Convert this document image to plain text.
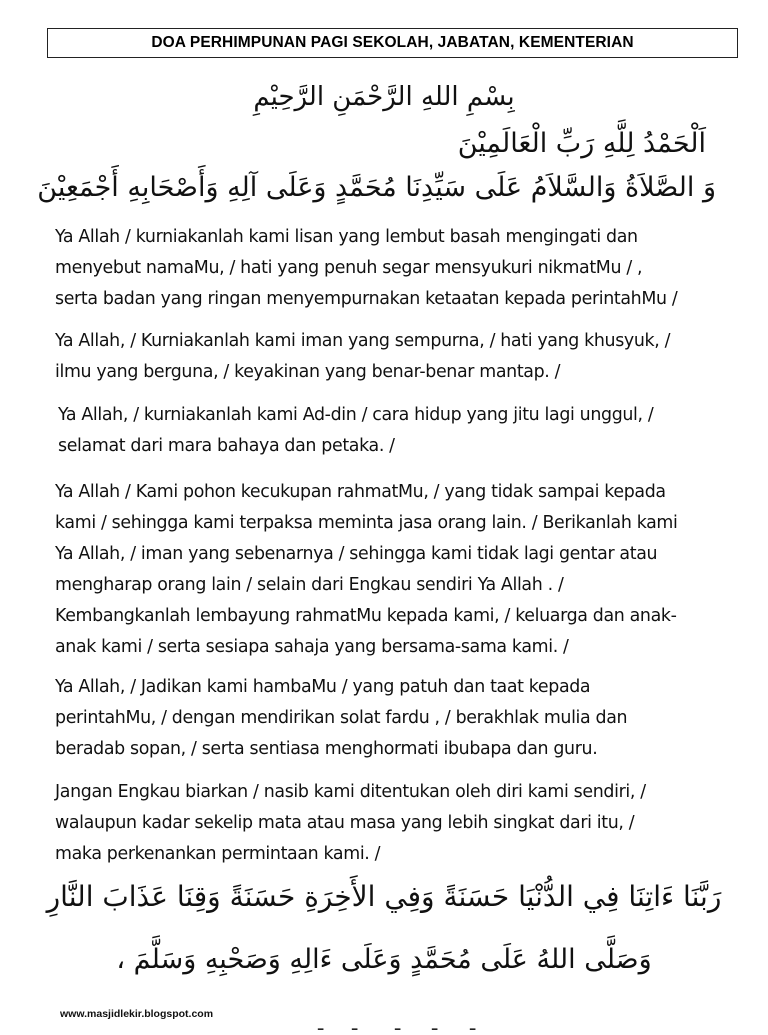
DOA PERHIMPUNAN PAGI SEKOLAH, JABATAN, KEMENTERIAN
بِسْمِ اللهِ الرَّحْمَنِ الرَّحِيْمِ
اَلْحَمْدُ لِلَّهِ رَبِّ الْعَالَمِيْنَ
وَ الصَّلاَةُ وَالسَّلاَمُ عَلَى سَيِّدِنَا مُحَمَّدٍ وَعَلَى آلِهِ وَأَصْحَابِهِ أَجْمَعِيْنَ
Ya Allah / kurniakanlah kami lisan yang lembut basah mengingati dan
menyebut namaMu, / hati yang penuh segar mensyukuri nikmatMu / ,
serta badan yang ringan menyempurnakan ketaatan kepada perintahMu /
Ya Allah, / Kurniakanlah kami iman yang sempurna, / hati yang khusyuk, /
ilmu yang berguna, / keyakinan yang benar-benar mantap. /
Ya Allah, / kurniakanlah kami Ad-din / cara hidup yang jitu lagi unggul, /
selamat dari mara bahaya dan petaka. /
Ya Allah / Kami pohon kecukupan rahmatMu, / yang tidak sampai kepada
kami / sehingga kami terpaksa meminta jasa orang lain. / Berikanlah kami
Ya Allah, / iman yang sebenarnya / sehingga kami tidak lagi gentar atau
mengharap orang lain / selain dari Engkau sendiri Ya Allah . /
Kembangkanlah lembayung rahmatMu kepada kami, / keluarga dan anak-
anak kami / serta sesiapa sahaja yang bersama-sama kami. /
Ya Allah, / Jadikan kami hambaMu / yang patuh dan taat kepada
perintahMu, / dengan mendirikan solat fardu , / berakhlak mulia dan
beradab sopan, / serta sentiasa menghormati ibubapa dan guru.
Jangan Engkau biarkan / nasib kami ditentukan oleh diri kami sendiri, /
walaupun kadar sekelip mata atau masa yang lebih singkat dari itu, /
maka perkenankan permintaan kami. /
رَبَّنَا ءَاتِنَا فِي الدُّنْيَا حَسَنَةً وَفِي الأَخِرَةِ حَسَنَةً وَقِنَا عَذَابَ النَّارِ
وَصَلَّى اللهُ عَلَى مُحَمَّدٍ وَعَلَى ءَالِهِ وَصَحْبِهِ وَسَلَّمَ ،
ـ ـ ـ ـ ـ
www.masjidlekir.blogspot.com
